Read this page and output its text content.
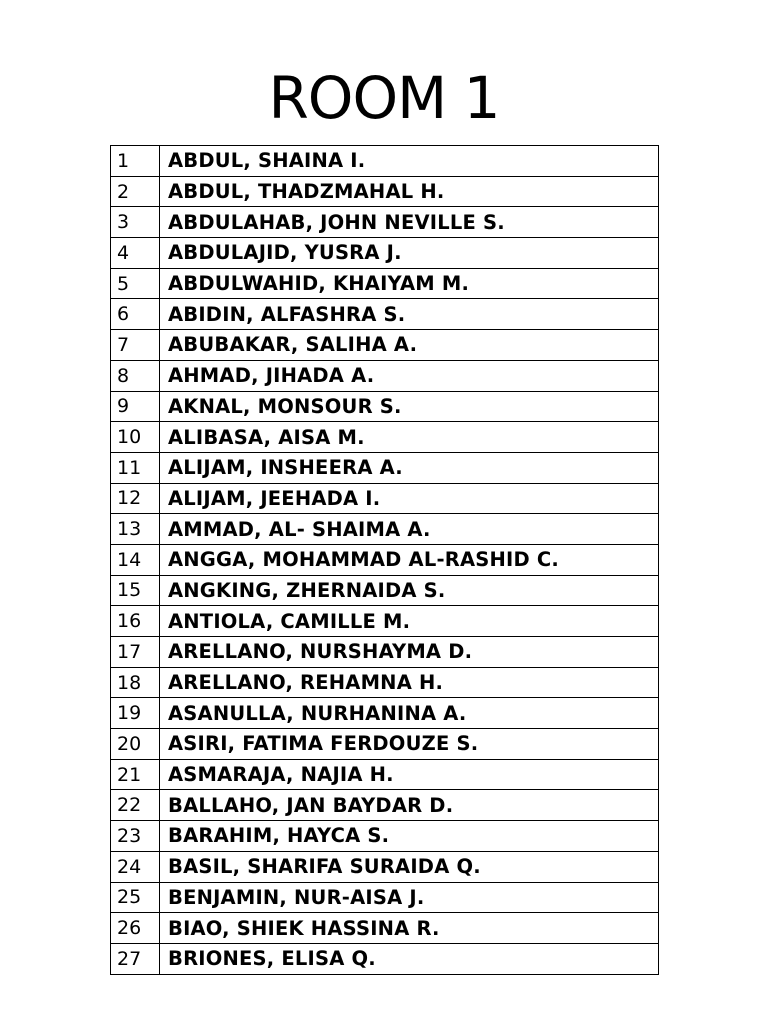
ROOM 1
1	ABDUL, SHAINA I.
2	ABDUL, THADZMAHAL H.
3	ABDULAHAB, JOHN NEVILLE S.
4	ABDULAJID, YUSRA J.
5	ABDULWAHID, KHAIYAM M.
6	ABIDIN, ALFASHRA S.
7	ABUBAKAR, SALIHA A.
8	AHMAD, JIHADA A.
9	AKNAL, MONSOUR S.
10	ALIBASA, AISA M.
11	ALIJAM, INSHEERA A.
12	ALIJAM, JEEHADA I.
13	AMMAD, AL- SHAIMA A.
14	ANGGA, MOHAMMAD AL-RASHID C.
15	ANGKING, ZHERNAIDA S.
16	ANTIOLA, CAMILLE M.
17	ARELLANO, NURSHAYMA D.
18	ARELLANO, REHAMNA H.
19	ASANULLA, NURHANINA A.
20	ASIRI, FATIMA FERDOUZE S.
21	ASMARAJA, NAJIA H.
22	BALLAHO, JAN BAYDAR D.
23	BARAHIM, HAYCA S.
24	BASIL, SHARIFA SURAIDA Q.
25	BENJAMIN, NUR-AISA J.
26	BIAO, SHIEK HASSINA R.
27	BRIONES, ELISA Q.
